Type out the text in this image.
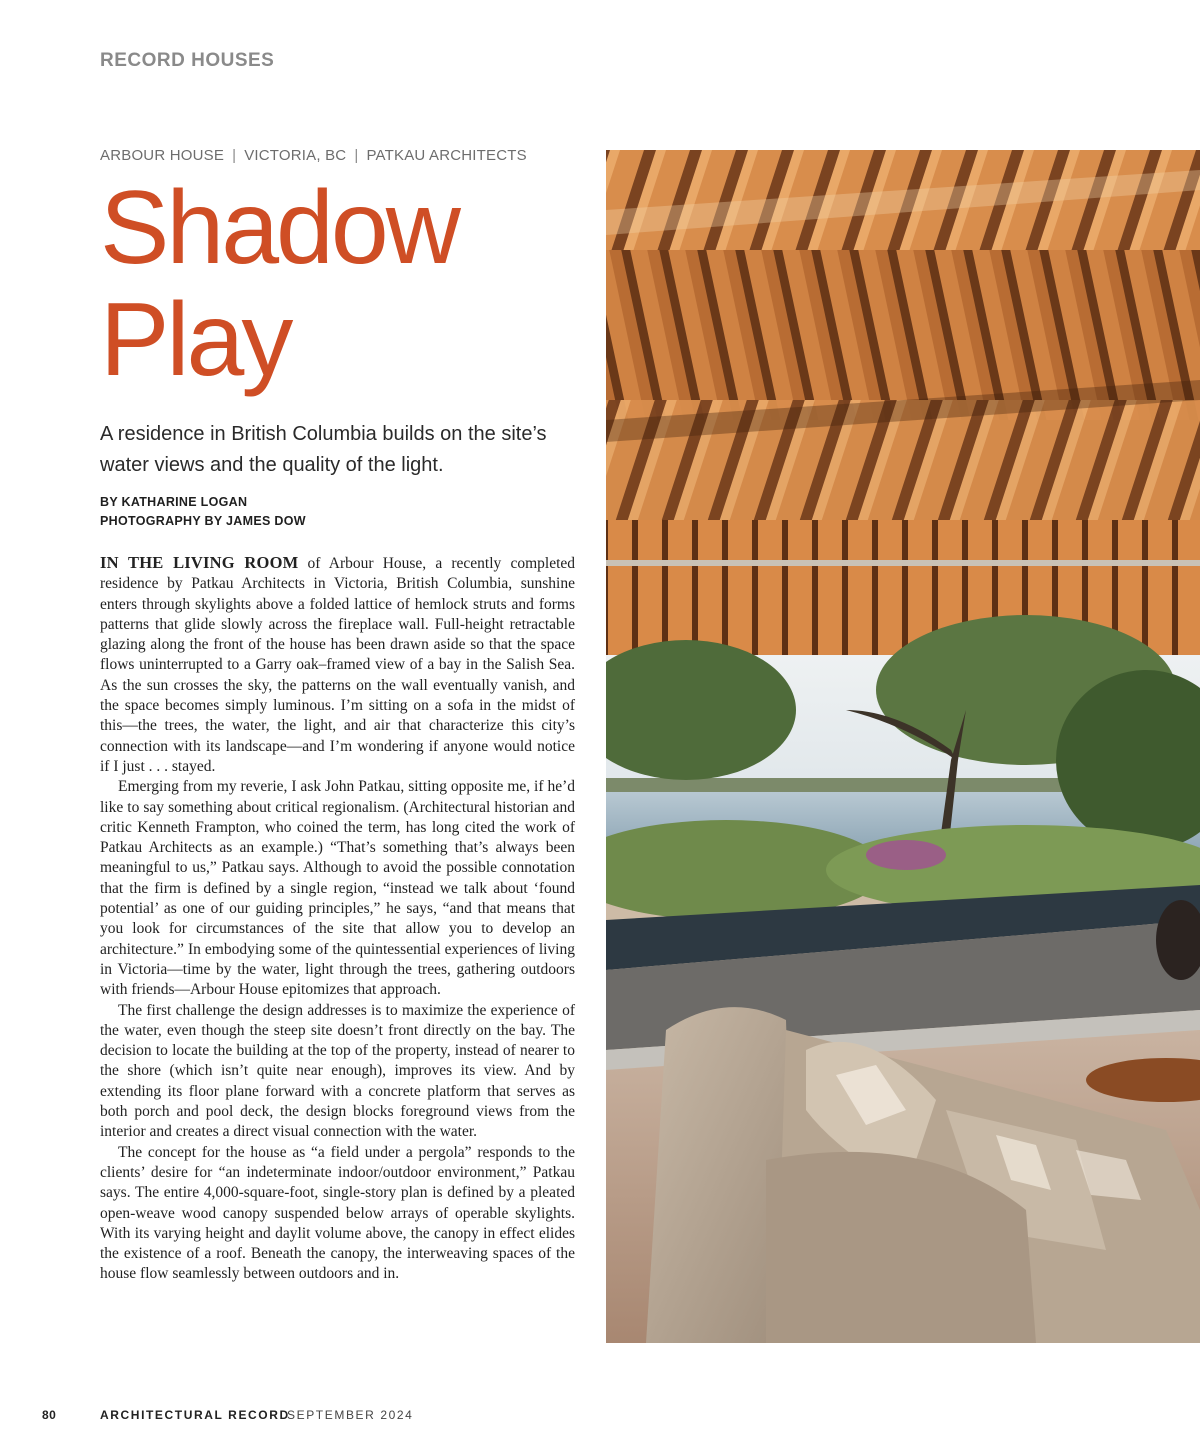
RECORD HOUSES
ARBOUR HOUSE | VICTORIA, BC | PATKAU ARCHITECTS
Shadow
Play

A residence in British Columbia builds on the site’s water views and the quality of the light.

BY KATHARINE LOGAN
PHOTOGRAPHY BY JAMES DOW

IN THE LIVING ROOM of Arbour House, a recently completed residence by Patkau Architects in Victoria, British Columbia, sunshine enters through skylights above a folded lattice of hemlock struts and forms patterns that glide slowly across the fireplace wall. Full-height retractable glazing along the front of the house has been drawn aside so that the space flows uninterrupted to a Garry oak–framed view of a bay in the Salish Sea. As the sun crosses the sky, the patterns on the wall eventually vanish, and the space becomes simply luminous. I’m sitting on a sofa in the midst of this—the trees, the water, the light, and air that characterize this city’s connection with its landscape—and I’m wondering if anyone would notice if I just . . . stayed.

Emerging from my reverie, I ask John Patkau, sitting opposite me, if he’d like to say something about critical regionalism. (Architectural historian and critic Kenneth Frampton, who coined the term, has long cited the work of Patkau Architects as an example.) “That’s something that’s always been meaningful to us,” Patkau says. Although to avoid the possible connotation that the firm is defined by a single region, “instead we talk about ‘found potential’ as one of our guiding principles,” he says, “and that means that you look for circumstances of the site that allow you to develop an architecture.” In embodying some of the quintessential experiences of living in Victoria—time by the water, light through the trees, gathering outdoors with friends—Arbour House epitomizes that approach.

The first challenge the design addresses is to maximize the experience of the water, even though the steep site doesn’t front directly on the bay. The decision to locate the building at the top of the property, instead of nearer to the shore (which isn’t quite near enough), improves its view. And by extending its floor plane forward with a concrete platform that serves as both porch and pool deck, the design blocks foreground views from the interior and creates a direct visual connection with the water.

The concept for the house as “a field under a pergola” responds to the clients’ desire for “an indeterminate indoor/outdoor environment,” Patkau says. The entire 4,000-square-foot, single-story plan is defined by a pleated open-weave wood canopy suspended below arrays of operable skylights. With its varying height and daylit volume above, the canopy in effect elides the existence of a roof. Beneath the canopy, the interweaving spaces of the house flow seamlessly between outdoors and in.

80	ARCHITECTURAL RECORD
SEPTEMBER 2024
